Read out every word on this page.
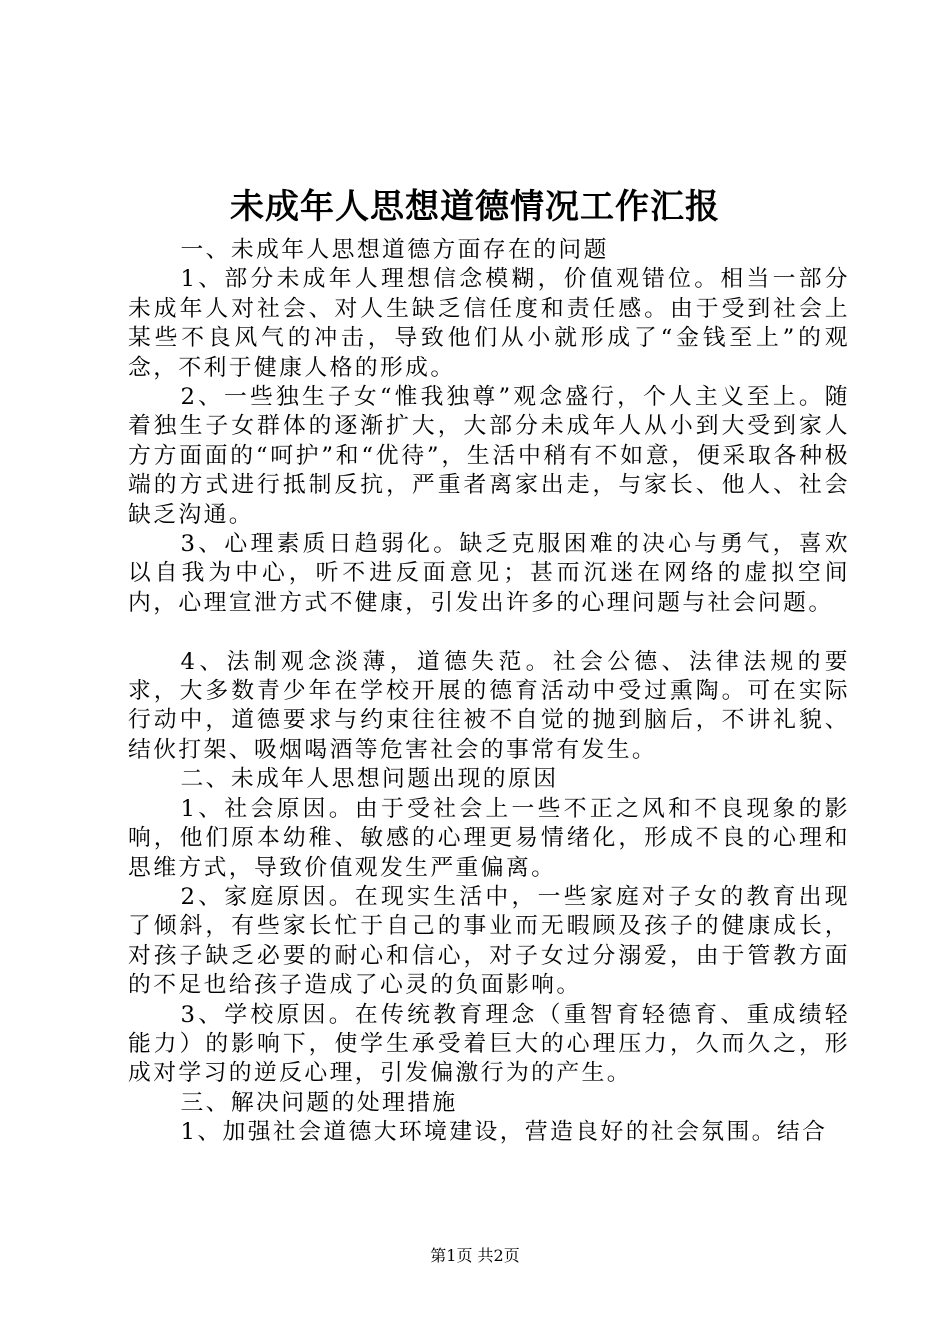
未成年人思想道德情况工作汇报

一、未成年人思想道德方面存在的问题

1、部分未成年人理想信念模糊，价值观错位。相当一部分未成年人对社会、对人生缺乏信任度和责任感。由于受到社会上某些不良风气的冲击，导致他们从小就形成了“金钱至上”的观念，不利于健康人格的形成。

2、一些独生子女“惟我独尊”观念盛行，个人主义至上。随着独生子女群体的逐渐扩大，大部分未成年人从小到大受到家人方方面面的“呵护”和“优待”，生活中稍有不如意，便采取各种极端的方式进行抵制反抗，严重者离家出走，与家长、他人、社会缺乏沟通。

3、心理素质日趋弱化。缺乏克服困难的决心与勇气，喜欢以自我为中心，听不进反面意见；甚而沉迷在网络的虚拟空间内，心理宣泄方式不健康，引发出许多的心理问题与社会问题。

4、法制观念淡薄，道德失范。社会公德、法律法规的要求，大多数青少年在学校开展的德育活动中受过熏陶。可在实际行动中，道德要求与约束往往被不自觉的抛到脑后，不讲礼貌、结伙打架、吸烟喝酒等危害社会的事常有发生。

二、未成年人思想问题出现的原因

1、社会原因。由于受社会上一些不正之风和不良现象的影响，他们原本幼稚、敏感的心理更易情绪化，形成不良的心理和思维方式，导致价值观发生严重偏离。

2、家庭原因。在现实生活中，一些家庭对子女的教育出现了倾斜，有些家长忙于自己的事业而无暇顾及孩子的健康成长，对孩子缺乏必要的耐心和信心，对子女过分溺爱，由于管教方面的不足也给孩子造成了心灵的负面影响。

3、学校原因。在传统教育理念（重智育轻德育、重成绩轻能力）的影响下，使学生承受着巨大的心理压力，久而久之，形成对学习的逆反心理，引发偏激行为的产生。

三、解决问题的处理措施

1、加强社会道德大环境建设，营造良好的社会氛围。结合

第1页 共2页
